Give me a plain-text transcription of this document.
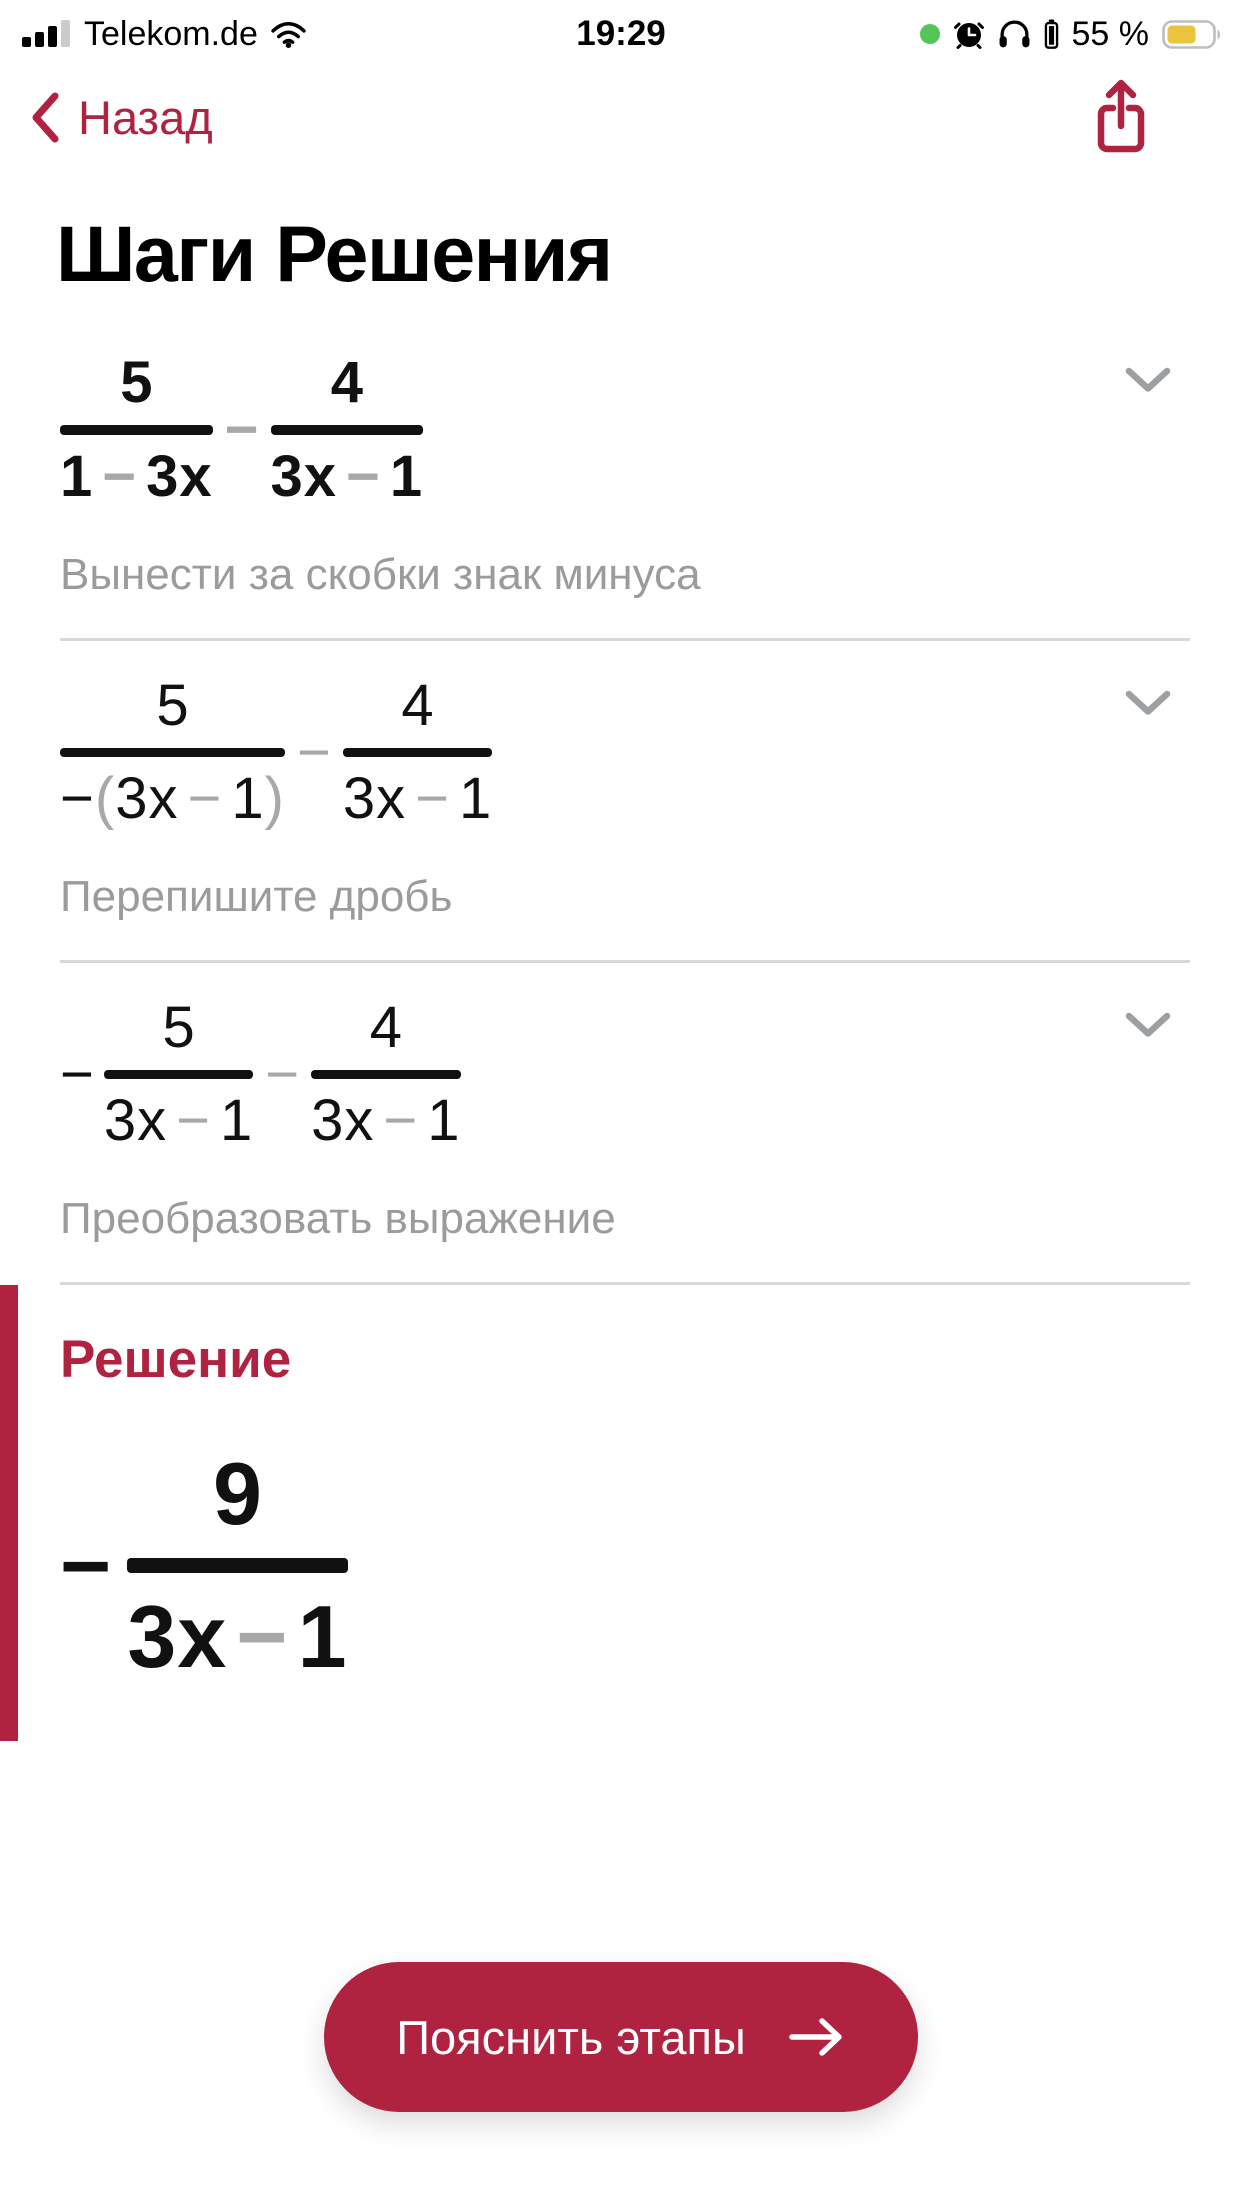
Telekom.de	19:29	55 %
Назад
Шаги Решения
5
1 − 3x
−
4
3x − 1
Вынести за скобки знак минуса
5
− ( 3x − 1 )
−
4
3x − 1
Перепишите дробь
−
5
3x − 1
−
4
3x − 1
Преобразовать выражение
Решение
−
9
3x − 1
Пояснить этапы
